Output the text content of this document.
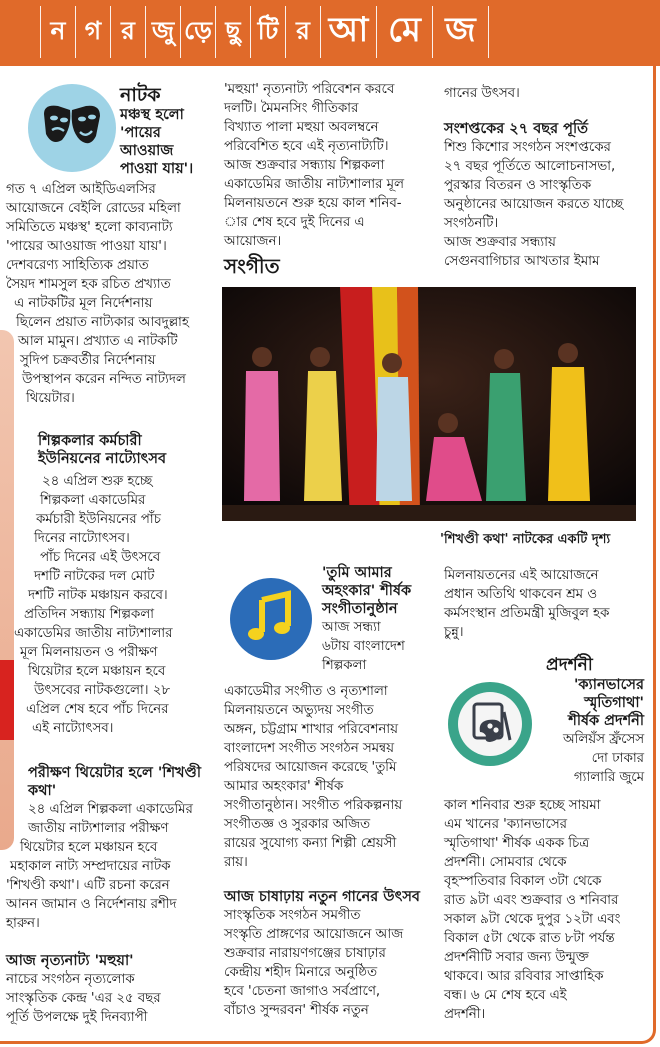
ন গ র জু ড়ে ছু টি র আ মে জ

নাটক

মঞ্চস্থ হলো

'পায়ের

আওয়াজ

পাওয়া যায়'।

গত ৭ এপ্রিল আইডিএলসির

আয়োজনে বেইলি রোডের মহিলা

সমিতিতে মঞ্চস্থ' হলো কাব্যনাট্য

'পায়ের আওয়াজ পাওয়া যায়'।

দেশবরেণ্য সাহিত্যিক প্রয়াত

সৈয়দ শামসুল হক রচিত প্রখ্যাত

এ নাটকটির মূল নির্দেশনায়

ছিলেন প্রয়াত নাট্যকার আবদুল্লাহ

আল মামুন। প্রখ্যাত এ নাটকটি

সুদিপ চক্রবর্তীর নির্দেশনায়

উপস্থাপন করেন নন্দিত নাট্যদল

থিয়েটার।

শিল্পকলার কর্মচারী

ইউনিয়নের নাট্যোৎসব

২৪ এপ্রিল শুরু হচ্ছে

শিল্পকলা একাডেমির

কর্মচারী ইউনিয়নের পাঁচ

দিনের নাট্যোৎসব।

পাঁচ দিনের এই উৎসবে

দশটি নাটকের দল মোট

দশটি নাটক মঞ্চায়ন করবে।

প্রতিদিন সন্ধ্যায় শিল্পকলা

একাডেমির জাতীয় নাট্যশালার

মূল মিলনায়তন ও পরীক্ষণ

থিয়েটার হলে মঞ্চায়ন হবে

উৎসবের নাটকগুলো। ২৮

এপ্রিল শেষ হবে পাঁচ দিনের

এই নাট্যোৎসব।

পরীক্ষণ থিয়েটার হলে 'শিখণ্ডী

কথা'

২৪ এপ্রিল শিল্পকলা একাডেমির

জাতীয় নাট্যশালার পরীক্ষণ

থিয়েটার হলে মঞ্চায়ন হবে

মহাকাল নাট্য সম্প্রদায়ের নাটক

'শিখণ্ডী কথা'। এটি রচনা করেন

আনন জামান ও নির্দেশনায় রশীদ

হারুন।

আজ নৃত্যনাট্য 'মহুয়া'

নাচের সংগঠন নৃত্যলোক

সাংস্কৃতিক কেন্দ্র 'এর ২৫ বছর

পূর্তি উপলক্ষে দুই দিনব্যাপী

'মহুয়া' নৃত্যনাট্য পরিবেশন করবে

দলটি। মৈমনসিং গীতিকার

বিখ্যাত পালা মহুয়া অবলম্বনে

পরিবেশিত হবে এই নৃত্যনাট্যটি।

আজ শুক্রবার সন্ধ্যায় শিল্পকলা

একাডেমির জাতীয় নাট্যশালার মূল

মিলনায়তনে শুরু হয়ে কাল শনিব-

ার শেষ হবে দুই দিনের এ

আয়োজন।

সংগীত

গানের উৎসব।

সংশপ্তকের ২৭ বছর পূর্তি

শিশু কিশোর সংগঠন সংশপ্তকের

২৭ বছর পূর্তিতে আলোচনাসভা,

পুরস্কার বিতরন ও সাংস্কৃতিক

অনুষ্ঠানের আয়োজন করতে যাচ্ছে

সংগঠনটি।

আজ শুক্রবার সন্ধ্যায়

সেগুনবাগিচার আখতার ইমাম

'শিখণ্ডী কথা' নাটকের একটি দৃশ্য

'তুমি আমার

অহংকার' শীর্ষক

সংগীতানুষ্ঠান

আজ সন্ধ্যা

৬টায় বাংলাদেশ

শিল্পকলা

একাডেমীর সংগীত ও নৃত্যশালা

মিলনায়তনে অভ্যুদয় সংগীত

অঙ্গন, চট্টগ্রাম শাখার পরিবেশনায়

বাংলাদেশ সংগীত সংগঠন সমন্বয়

পরিষদের আয়োজন করেছে 'তুমি

আমার অহংকার' শীর্ষক

সংগীতানুষ্ঠান। সংগীত পরিকল্পনায়

সংগীতজ্ঞ ও সুরকার অজিত

রায়ের সুযোগ্য কন্যা শিল্পী শ্রেয়সী

রায়।

আজ চাষাঢ়ায় নতুন গানের উৎসব

সাংস্কৃতিক সংগঠন সমগীত

সংস্কৃতি প্রাঙ্গণের আয়োজনে আজ

শুক্রবার নারায়ণগঞ্জের চাষাঢ়ার

কেন্দ্রীয় শহীদ মিনারে অনুষ্ঠিত

হবে 'চেতনা জাগাও সর্বপ্রাণে,

বাঁচাও সুন্দরবন' শীর্ষক নতুন

মিলনায়তনের এই আয়োজনে

প্রধান অতিথি থাকবেন শ্রম ও

কর্মসংস্থান প্রতিমন্ত্রী মুজিবুল হক

চুন্নু।

প্রদর্শনী

'ক্যানভাসের

স্মৃতিগাথা'

শীর্ষক প্রদর্শনী

অলিয়ঁস ফ্রঁসেস

দো ঢাকার

গ্যালারি জুমে

কাল শনিবার শুরু হচ্ছে সায়মা

এম খানের 'ক্যানভাসের

স্মৃতিগাথা' শীর্ষক একক চিত্র

প্রদর্শনী। সোমবার থেকে

বৃহস্পতিবার বিকাল ৩টা থেকে

রাত ৯টা এবং শুক্রবার ও শনিবার

সকাল ৯টা থেকে দুপুর ১২টা এবং

বিকাল ৫টা থেকে রাত ৮টা পর্যন্ত

প্রদর্শনীটি সবার জন্য উন্মুক্ত

থাকবে। আর রবিবার সাপ্তাহিক

বন্ধ। ৬ মে শেষ হবে এই

প্রদর্শনী।
